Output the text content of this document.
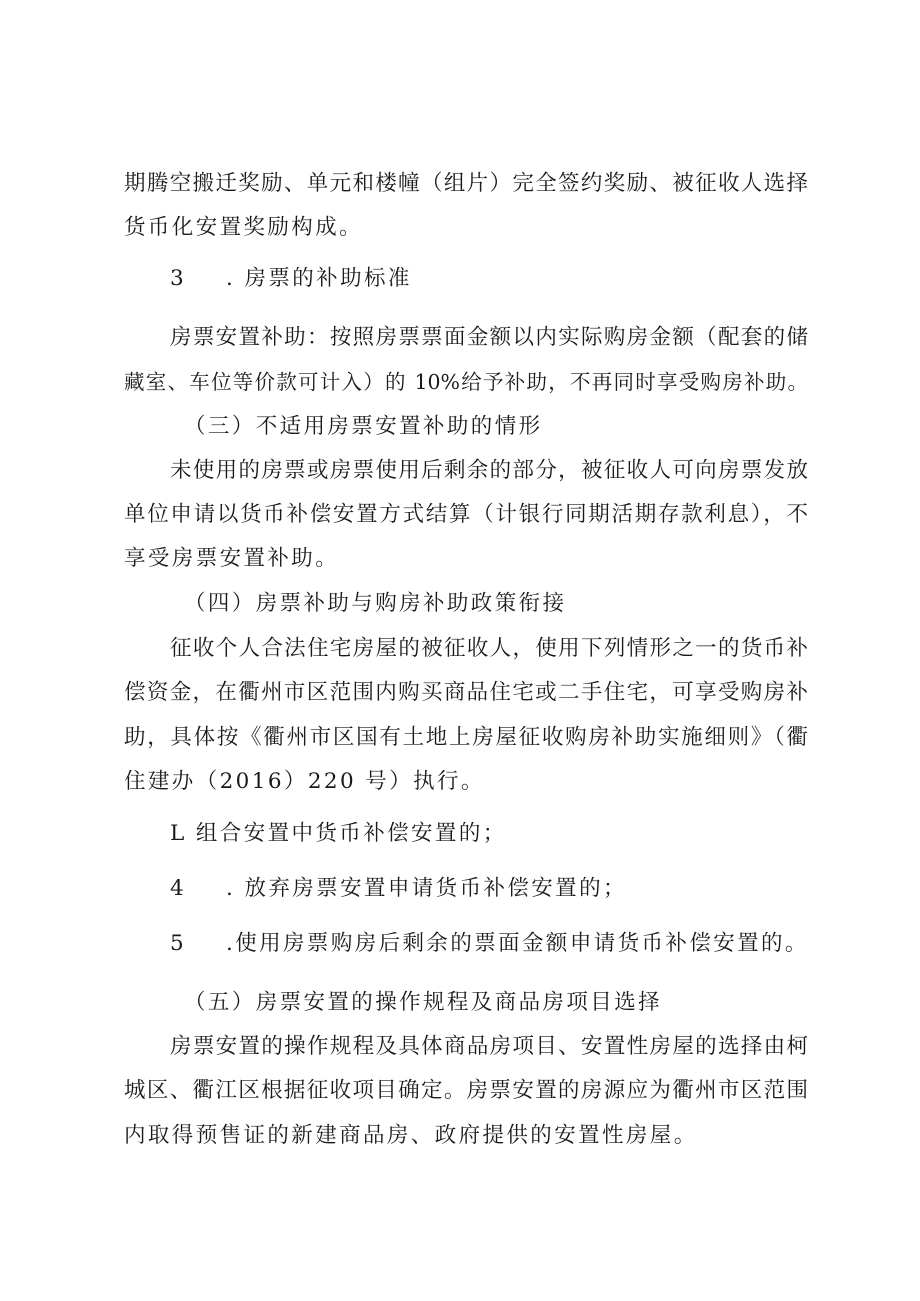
期腾空搬迁奖励、单元和楼幢（组片）完全签约奖励、被征收人选择
货币化安置奖励构成。
3 . 房票的补助标准
房票安置补助：按照房票票面金额以内实际购房金额（配套的储
藏室、车位等价款可计入）的 10%给予补助，不再同时享受购房补助。
（三）不适用房票安置补助的情形
未使用的房票或房票使用后剩余的部分，被征收人可向房票发放
单位申请以货币补偿安置方式结算（计银行同期活期存款利息），不
享受房票安置补助。
（四）房票补助与购房补助政策衔接
征收个人合法住宅房屋的被征收人，使用下列情形之一的货币补
偿资金，在衢州市区范围内购买商品住宅或二手住宅，可享受购房补
助，具体按《衢州市区国有土地上房屋征收购房补助实施细则》（衢
住建办（2016）220 号）执行。
L 组合安置中货币补偿安置的；
4 . 放弃房票安置申请货币补偿安置的；
5 .使用房票购房后剩余的票面金额申请货币补偿安置的。
（五）房票安置的操作规程及商品房项目选择
房票安置的操作规程及具体商品房项目、安置性房屋的选择由柯
城区、衢江区根据征收项目确定。房票安置的房源应为衢州市区范围
内取得预售证的新建商品房、政府提供的安置性房屋。
